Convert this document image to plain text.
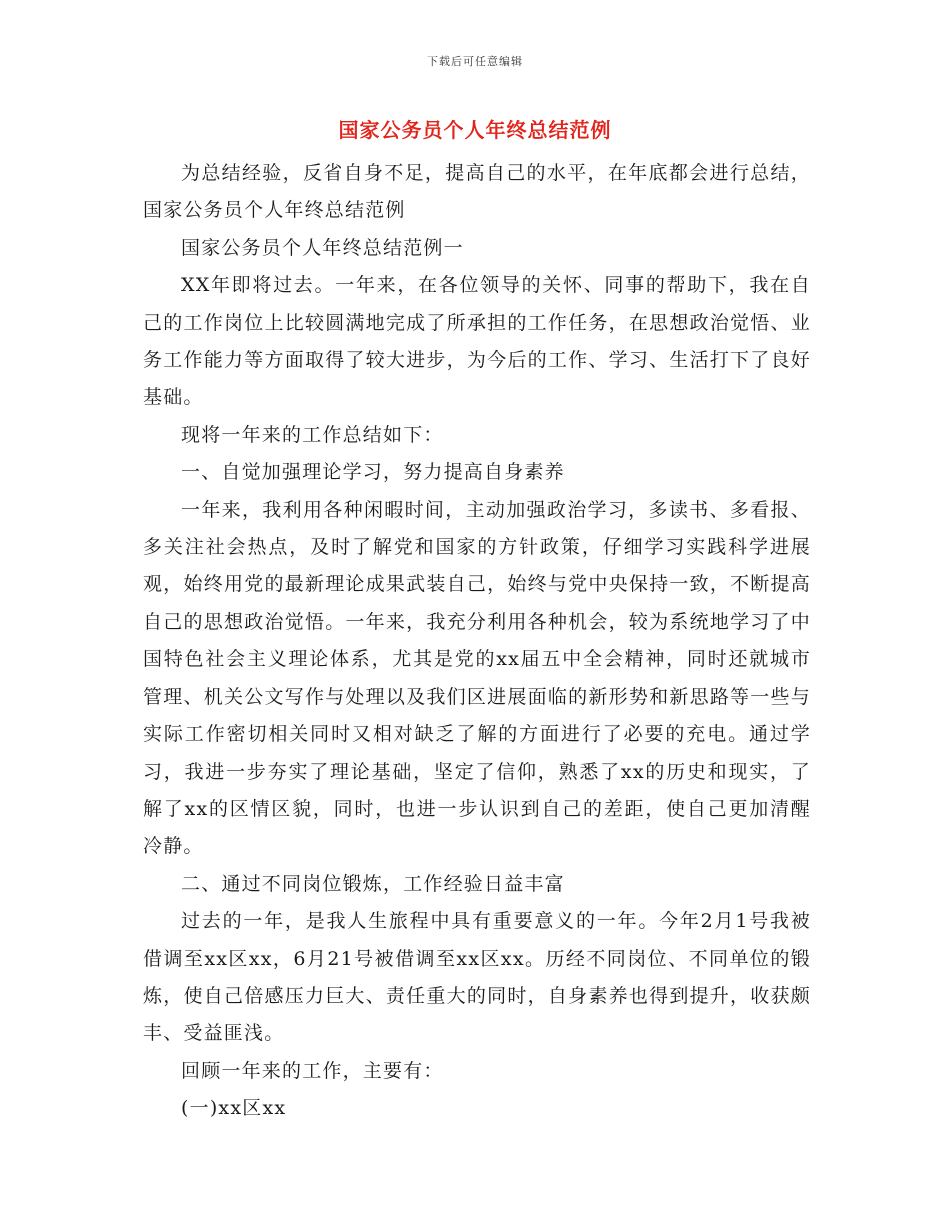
下载后可任意编辑
国家公务员个人年终总结范例

为总结经验，反省自身不足，提高自己的水平，在年底都会进行总结，国家公务员个人年终总结范例

国家公务员个人年终总结范例一

XX年即将过去。一年来，在各位领导的关怀、同事的帮助下，我在自己的工作岗位上比较圆满地完成了所承担的工作任务，在思想政治觉悟、业务工作能力等方面取得了较大进步，为今后的工作、学习、生活打下了良好基础。

现将一年来的工作总结如下：

一、自觉加强理论学习，努力提高自身素养

一年来，我利用各种闲暇时间，主动加强政治学习，多读书、多看报、多关注社会热点，及时了解党和国家的方针政策，仔细学习实践科学进展观，始终用党的最新理论成果武装自己，始终与党中央保持一致，不断提高自己的思想政治觉悟。一年来，我充分利用各种机会，较为系统地学习了中国特色社会主义理论体系，尤其是党的xx届五中全会精神，同时还就城市管理、机关公文写作与处理以及我们区进展面临的新形势和新思路等一些与实际工作密切相关同时又相对缺乏了解的方面进行了必要的充电。通过学习，我进一步夯实了理论基础，坚定了信仰，熟悉了xx的历史和现实，了解了xx的区情区貌，同时，也进一步认识到自己的差距，使自己更加清醒冷静。

二、通过不同岗位锻炼，工作经验日益丰富

过去的一年，是我人生旅程中具有重要意义的一年。今年2月1号我被借调至xx区xx，6月21号被借调至xx区xx。历经不同岗位、不同单位的锻炼，使自己倍感压力巨大、责任重大的同时，自身素养也得到提升，收获颇丰、受益匪浅。

回顾一年来的工作，主要有：

(一)xx区xx
